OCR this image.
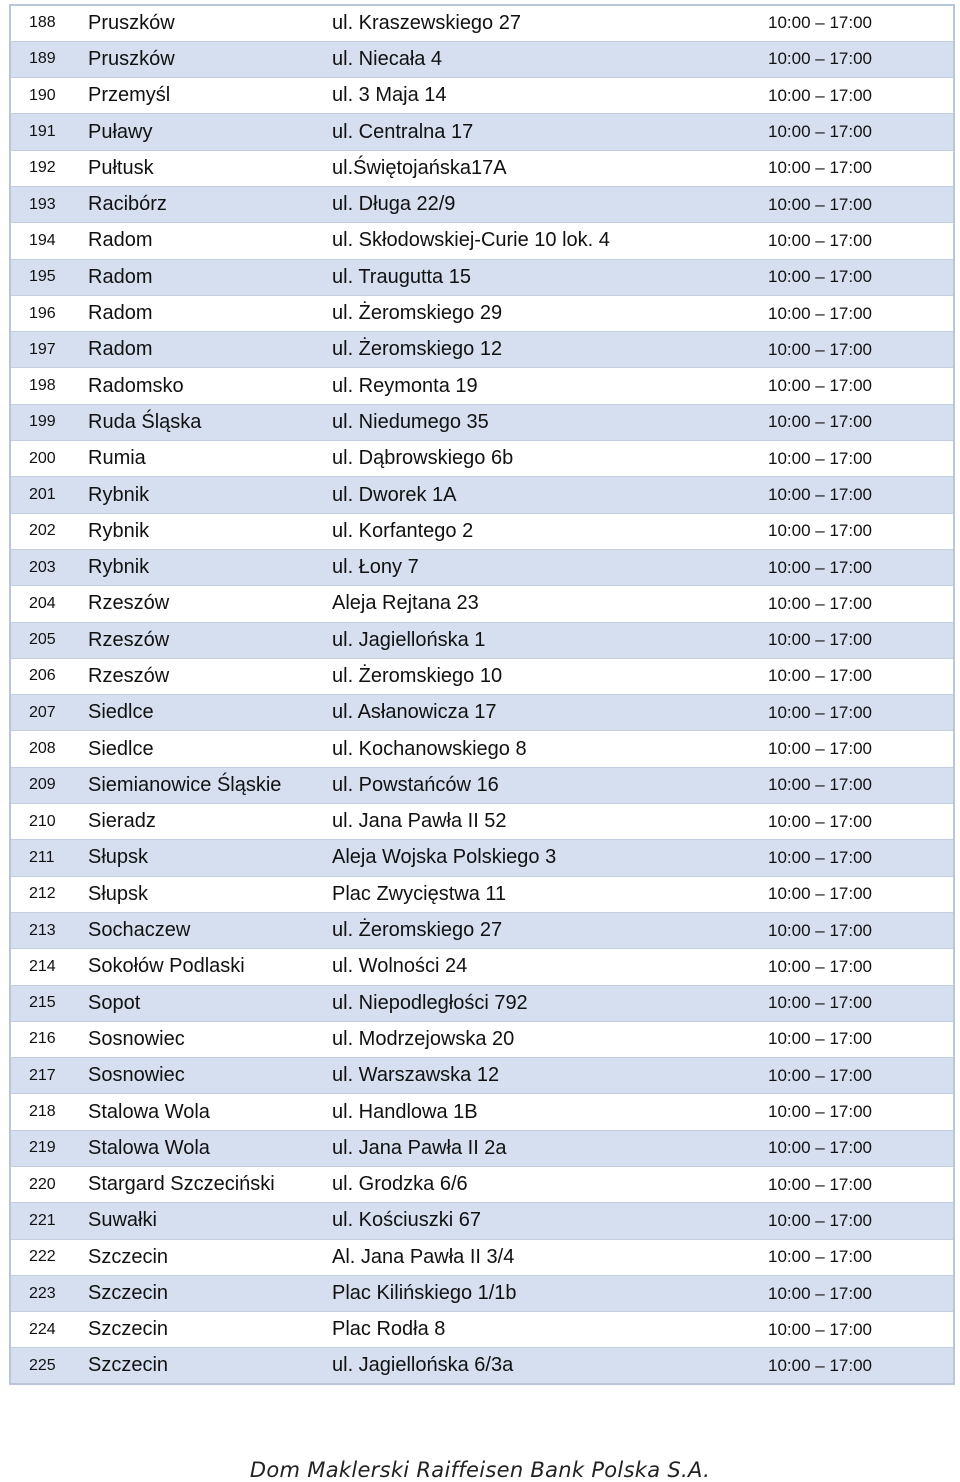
188	Pruszków	ul. Kraszewskiego 27	10:00 – 17:00
189	Pruszków	ul. Niecała 4	10:00 – 17:00
190	Przemyśl	ul. 3 Maja 14	10:00 – 17:00
191	Puławy	ul. Centralna 17	10:00 – 17:00
192	Pułtusk	ul.Świętojańska17A	10:00 – 17:00
193	Racibórz	ul. Długa 22/9	10:00 – 17:00
194	Radom	ul. Skłodowskiej-Curie 10 lok. 4	10:00 – 17:00
195	Radom	ul. Traugutta 15	10:00 – 17:00
196	Radom	ul. Żeromskiego 29	10:00 – 17:00
197	Radom	ul. Żeromskiego 12	10:00 – 17:00
198	Radomsko	ul. Reymonta 19	10:00 – 17:00
199	Ruda Śląska	ul. Niedumego 35	10:00 – 17:00
200	Rumia	ul. Dąbrowskiego 6b	10:00 – 17:00
201	Rybnik	ul. Dworek 1A	10:00 – 17:00
202	Rybnik	ul. Korfantego 2	10:00 – 17:00
203	Rybnik	ul. Łony 7	10:00 – 17:00
204	Rzeszów	Aleja Rejtana 23	10:00 – 17:00
205	Rzeszów	ul. Jagiellońska 1	10:00 – 17:00
206	Rzeszów	ul. Żeromskiego 10	10:00 – 17:00
207	Siedlce	ul. Asłanowicza 17	10:00 – 17:00
208	Siedlce	ul. Kochanowskiego 8	10:00 – 17:00
209	Siemianowice Śląskie	ul. Powstańców 16	10:00 – 17:00
210	Sieradz	ul. Jana Pawła II 52	10:00 – 17:00
211	Słupsk	Aleja Wojska Polskiego 3	10:00 – 17:00
212	Słupsk	Plac Zwycięstwa 11	10:00 – 17:00
213	Sochaczew	ul. Żeromskiego 27	10:00 – 17:00
214	Sokołów Podlaski	ul. Wolności 24	10:00 – 17:00
215	Sopot	ul. Niepodległości 792	10:00 – 17:00
216	Sosnowiec	ul. Modrzejowska 20	10:00 – 17:00
217	Sosnowiec	ul. Warszawska 12	10:00 – 17:00
218	Stalowa Wola	ul. Handlowa 1B	10:00 – 17:00
219	Stalowa Wola	ul. Jana Pawła II 2a	10:00 – 17:00
220	Stargard Szczeciński	ul. Grodzka 6/6	10:00 – 17:00
221	Suwałki	ul. Kościuszki 67	10:00 – 17:00
222	Szczecin	Al. Jana Pawła II 3/4	10:00 – 17:00
223	Szczecin	Plac Kilińskiego 1/1b	10:00 – 17:00
224	Szczecin	Plac Rodła 8	10:00 – 17:00
225	Szczecin	ul. Jagiellońska 6/3a	10:00 – 17:00
Dom Maklerski Raiffeisen Bank Polska S.A.
